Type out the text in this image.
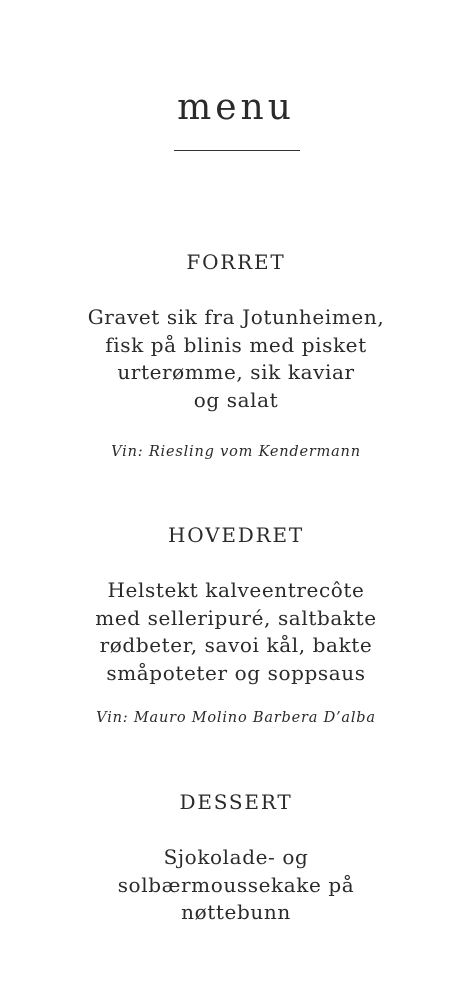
menu
FORRET
Gravet sik fra Jotunheimen,
fisk på blinis med pisket
urterømme, sik kaviar
og salat

Vin: Riesling vom Kendermann

HOVEDRET
Helstekt kalveentrecôte
med selleripuré, saltbakte
rødbeter, savoi kål, bakte
småpoteter og soppsaus

Vin: Mauro Molino Barbera D’alba

DESSERT
Sjokolade- og
solbærmoussekake på
nøttebunn
